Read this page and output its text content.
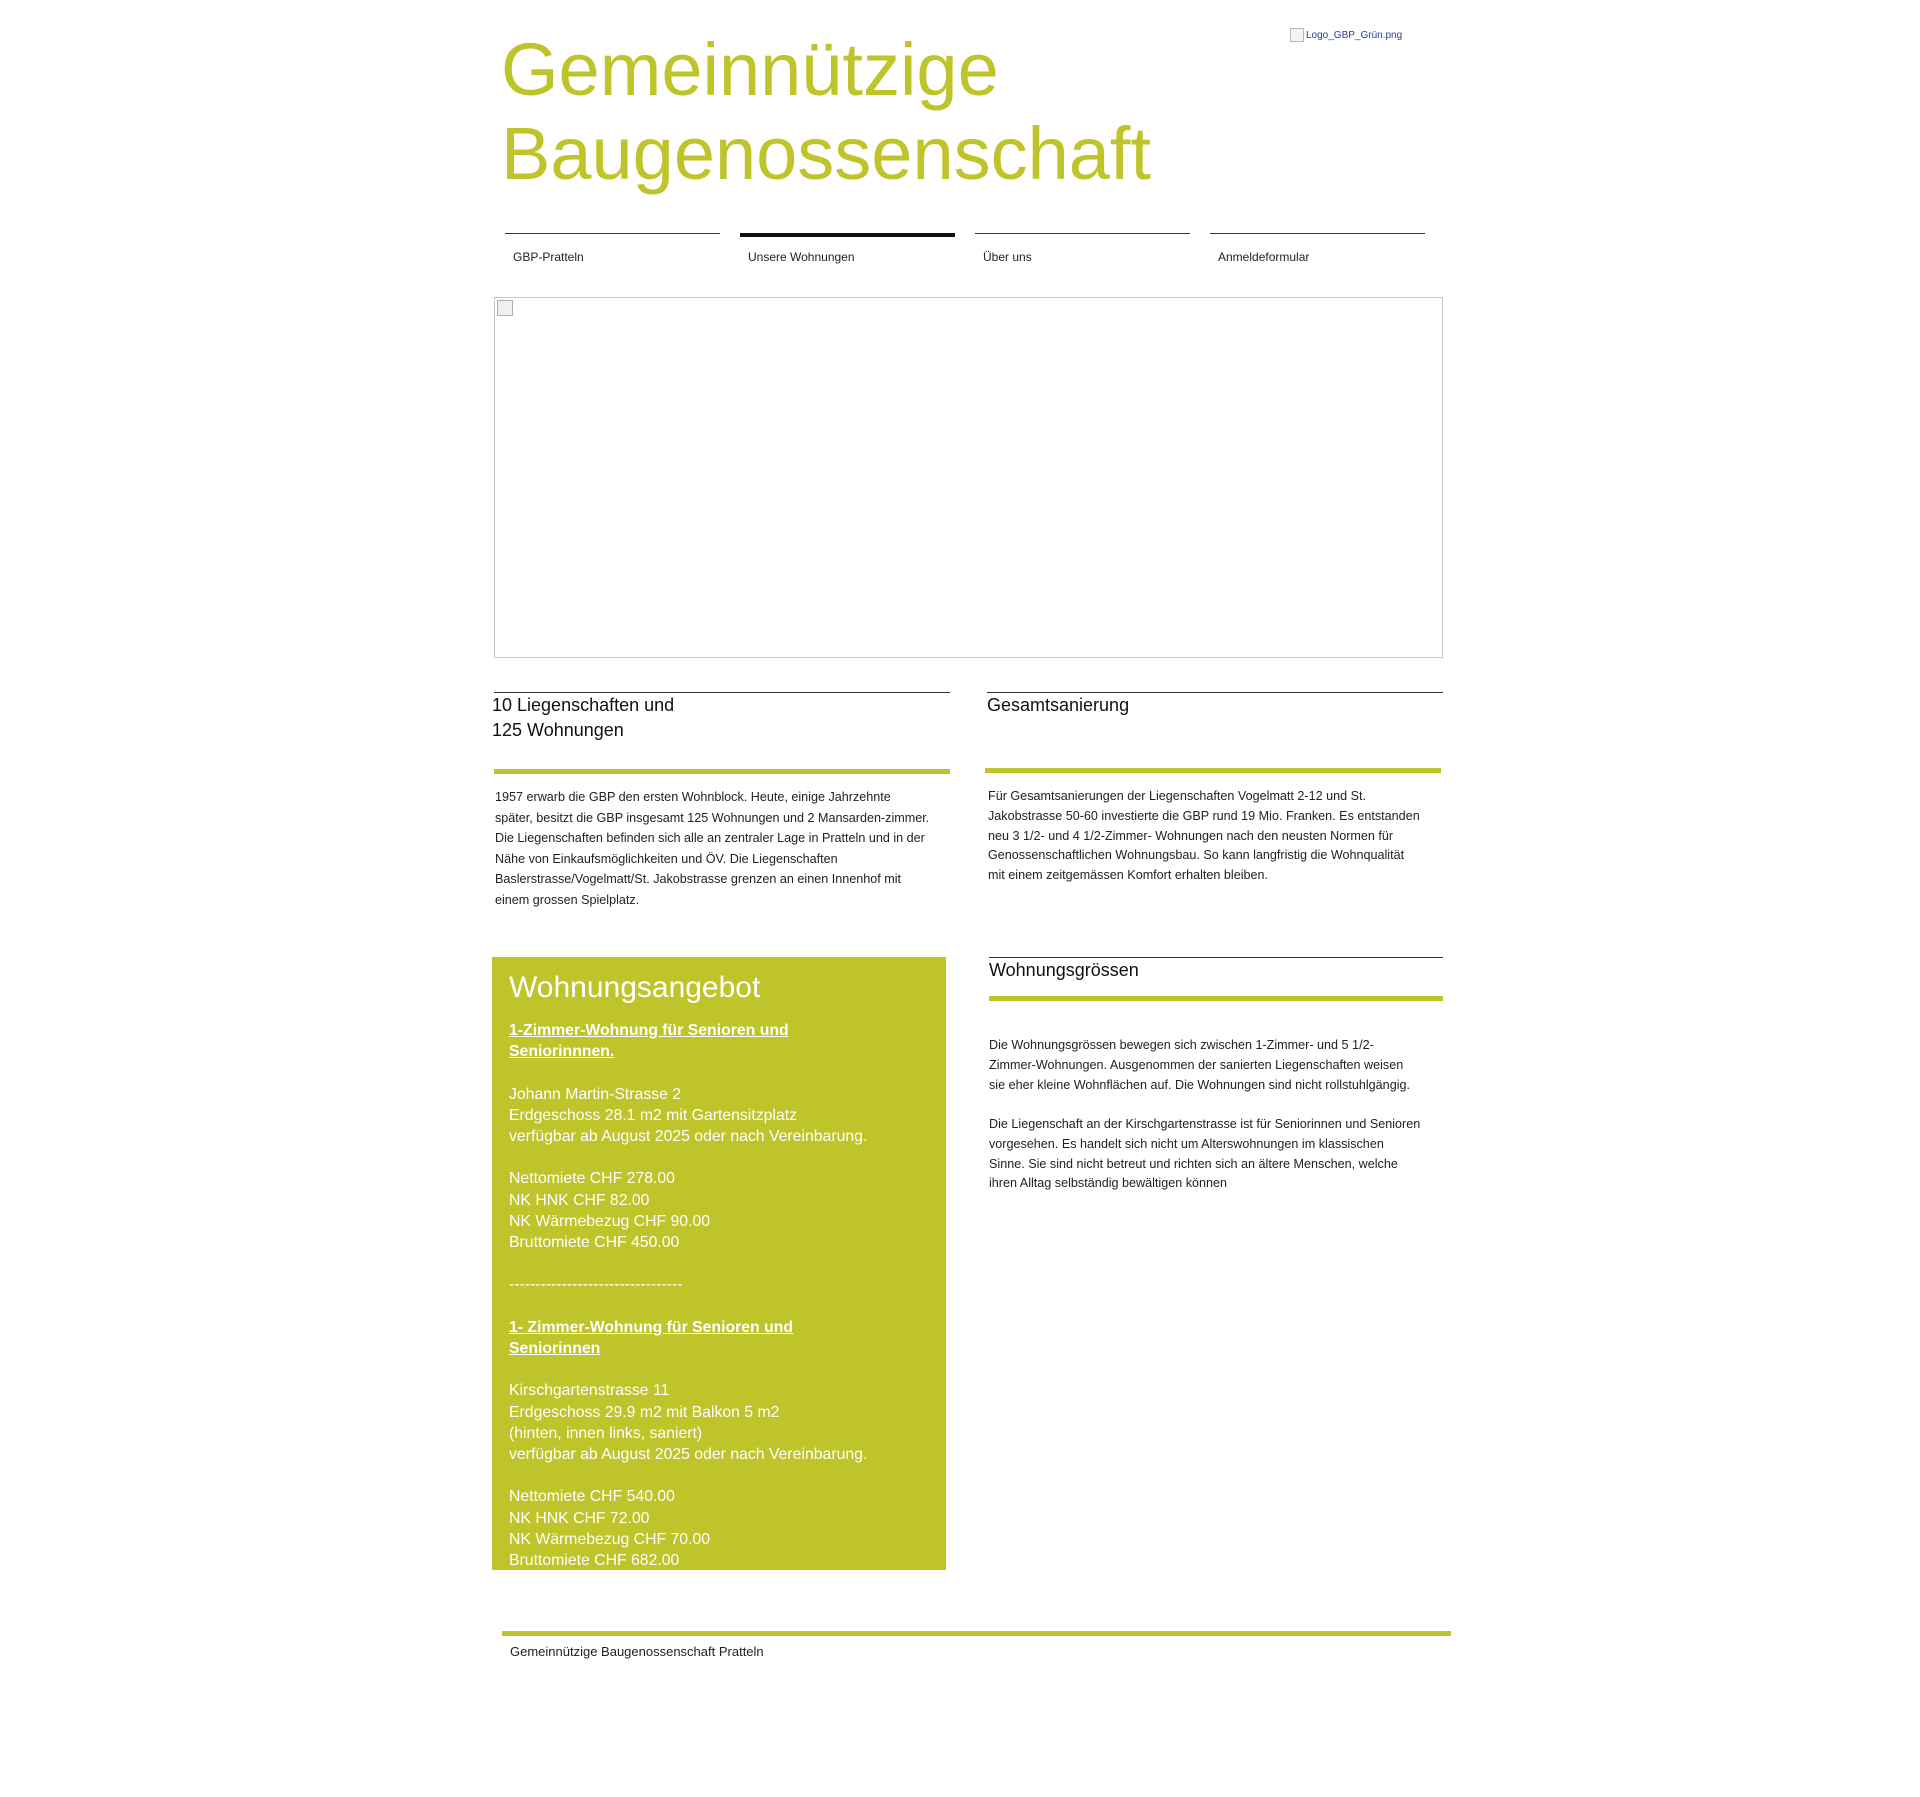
Gemeinnützige
Baugenossenschaft
Logo_GBP_Grün.png
GBP-Pratteln	Unsere Wohnungen	Über uns	Anmeldeformular
10 Liegenschaften und
125 Wohnungen

1957 erwarb die GBP den ersten Wohnblock. Heute, einige Jahrzehnte
später, besitzt die GBP insgesamt 125 Wohnungen und 2 Mansarden-zimmer.
Die Liegenschaften befinden sich alle an zentraler Lage in Pratteln und in der
Nähe von Einkaufsmöglichkeiten und ÖV. Die Liegenschaften
Baslerstrasse/Vogelmatt/St. Jakobstrasse grenzen an einen Innenhof mit
einem grossen Spielplatz.

Gesamtsanierung

Für Gesamtsanierungen der Liegenschaften Vogelmatt 2-12 und St.
Jakobstrasse 50-60 investierte die GBP rund 19 Mio. Franken. Es entstanden
neu 3 1/2- und 4 1/2-Zimmer- Wohnungen nach den neusten Normen für
Genossenschaftlichen Wohnungsbau. So kann langfristig die Wohnqualität
mit einem zeitgemässen Komfort erhalten bleiben.

Wohnungsangebot
1-Zimmer-Wohnung für Senioren und
Seniorinnnen.
Johann Martin-Strasse 2
Erdgeschoss 28.1 m2 mit Gartensitzplatz
verfügbar ab August 2025 oder nach Vereinbarung.
Nettomiete CHF 278.00
NK HNK CHF 82.00
NK Wärmebezug CHF 90.00
Bruttomiete CHF 450.00
---------------------------------
1- Zimmer-Wohnung für Senioren und
Seniorinnen
Kirschgartenstrasse 11
Erdgeschoss 29.9 m2 mit Balkon 5 m2
(hinten, innen links, saniert)
verfügbar ab August 2025 oder nach Vereinbarung.
Nettomiete CHF 540.00
NK HNK CHF 72.00
NK Wärmebezug CHF 70.00
Bruttomiete CHF 682.00
Wohnungsgrössen

Die Wohnungsgrössen bewegen sich zwischen 1-Zimmer- und 5 1/2-
Zimmer-Wohnungen. Ausgenommen der sanierten Liegenschaften weisen
sie eher kleine Wohnflächen auf. Die Wohnungen sind nicht rollstuhlgängig.

Die Liegenschaft an der Kirschgartenstrasse ist für Seniorinnen und Senioren
vorgesehen. Es handelt sich nicht um Alterswohnungen im klassischen
Sinne. Sie sind nicht betreut und richten sich an ältere Menschen, welche
ihren Alltag selbständig bewältigen können

Gemeinnützige Baugenossenschaft Pratteln
